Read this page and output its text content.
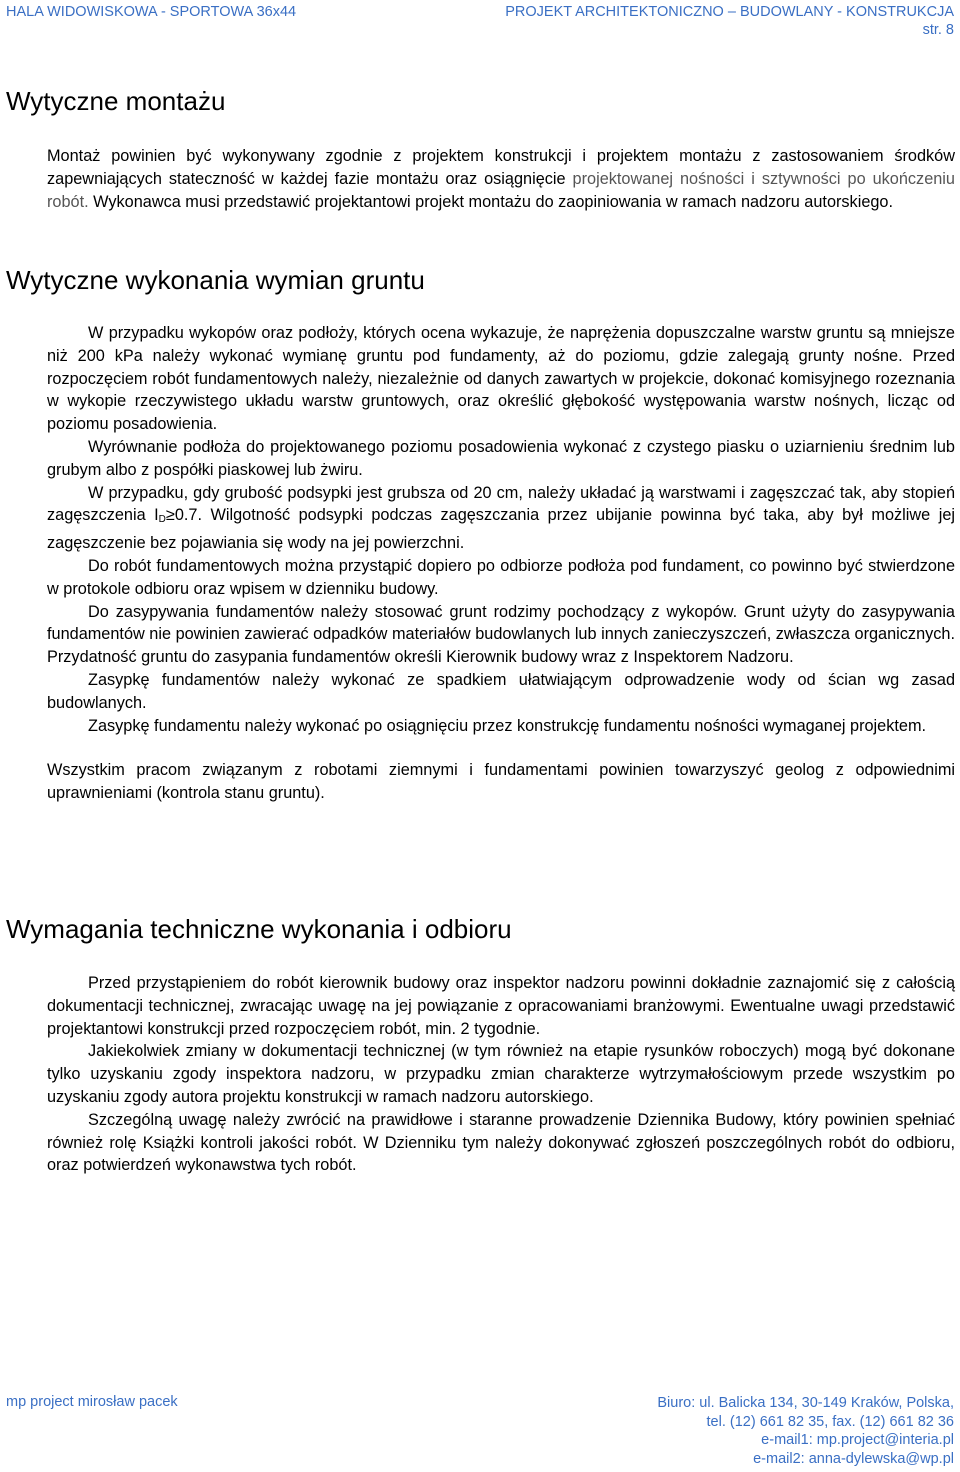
HALA WIDOWISKOWA - SPORTOWA 36x44	PROJEKT ARCHITEKTONICZNO – BUDOWLANY - KONSTRUKCJA
str. 8
Wytyczne montażu

Montaż powinien być wykonywany zgodnie z projektem konstrukcji i projektem montażu z zastosowaniem środków zapewniających stateczność w każdej fazie montażu oraz osiągnięcie projektowanej nośności i sztywności po ukończeniu robót. Wykonawca musi przedstawić projektantowi projekt montażu do zaopiniowania w ramach nadzoru autorskiego.

Wytyczne wykonania wymian gruntu

W przypadku wykopów oraz podłoży, których ocena wykazuje, że naprężenia dopuszczalne warstw gruntu są mniejsze niż 200 kPa należy wykonać wymianę gruntu pod fundamenty, aż do poziomu, gdzie zalegają grunty nośne. Przed rozpoczęciem robót fundamentowych należy, niezależnie od danych zawartych w projekcie, dokonać komisyjnego rozeznania w wykopie rzeczywistego układu warstw gruntowych, oraz określić głębokość występowania warstw nośnych, licząc od poziomu posadowienia.

Wyrównanie podłoża do projektowanego poziomu posadowienia wykonać z czystego piasku o uziarnieniu średnim lub grubym albo z pospółki piaskowej lub żwiru.

W przypadku, gdy grubość podsypki jest grubsza od 20 cm, należy układać ją warstwami i zagęszczać tak, aby stopień zagęszczenia $I_D\ge 0.7$. Wilgotność podsypki podczas zagęszczania przez ubijanie powinna być taka, aby był możliwe jej zagęszczenie bez pojawiania się wody na jej powierzchni.

Do robót fundamentowych można przystąpić dopiero po odbiorze podłoża pod fundament, co powinno być stwierdzone w protokole odbioru oraz wpisem w dzienniku budowy.

Do zasypywania fundamentów należy stosować grunt rodzimy pochodzący z wykopów. Grunt użyty do zasypywania fundamentów nie powinien zawierać odpadków materiałów budowlanych lub innych zanieczyszczeń, zwłaszcza organicznych. Przydatność gruntu do zasypania fundamentów określi Kierownik budowy wraz z Inspektorem Nadzoru.

Zasypkę fundamentów należy wykonać ze spadkiem ułatwiającym odprowadzenie wody od ścian wg zasad budowlanych.

Zasypkę fundamentu należy wykonać po osiągnięciu przez konstrukcję fundamentu nośności wymaganej projektem.

Wszystkim pracom związanym z robotami ziemnymi i fundamentami powinien towarzyszyć geolog z odpowiednimi uprawnieniami (kontrola stanu gruntu).

Wymagania techniczne wykonania i odbioru

Przed przystąpieniem do robót kierownik budowy oraz inspektor nadzoru powinni dokładnie zaznajomić się z całością dokumentacji technicznej, zwracając uwagę na jej powiązanie z opracowaniami branżowymi. Ewentualne uwagi przedstawić projektantowi konstrukcji przed rozpoczęciem robót, min. 2 tygodnie.

Jakiekolwiek zmiany w dokumentacji technicznej (w tym również na etapie rysunków roboczych) mogą być dokonane tylko uzyskaniu zgody inspektora nadzoru, w przypadku zmian charakterze wytrzymałościowym przede wszystkim po uzyskaniu zgody autora projektu konstrukcji w ramach nadzoru autorskiego.

Szczególną uwagę należy zwrócić na prawidłowe i staranne prowadzenie Dziennika Budowy, który powinien spełniać również rolę Książki kontroli jakości robót. W Dzienniku tym należy dokonywać zgłoszeń poszczególnych robót do odbioru, oraz potwierdzeń wykonawstwa tych robót.

mp project mirosław pacek	Biuro: ul. Balicka 134, 30-149 Kraków, Polska,
tel. (12) 661 82 35, fax. (12) 661 82 36
e-mail1: mp.project@interia.pl
e-mail2: anna-dylewska@wp.pl
